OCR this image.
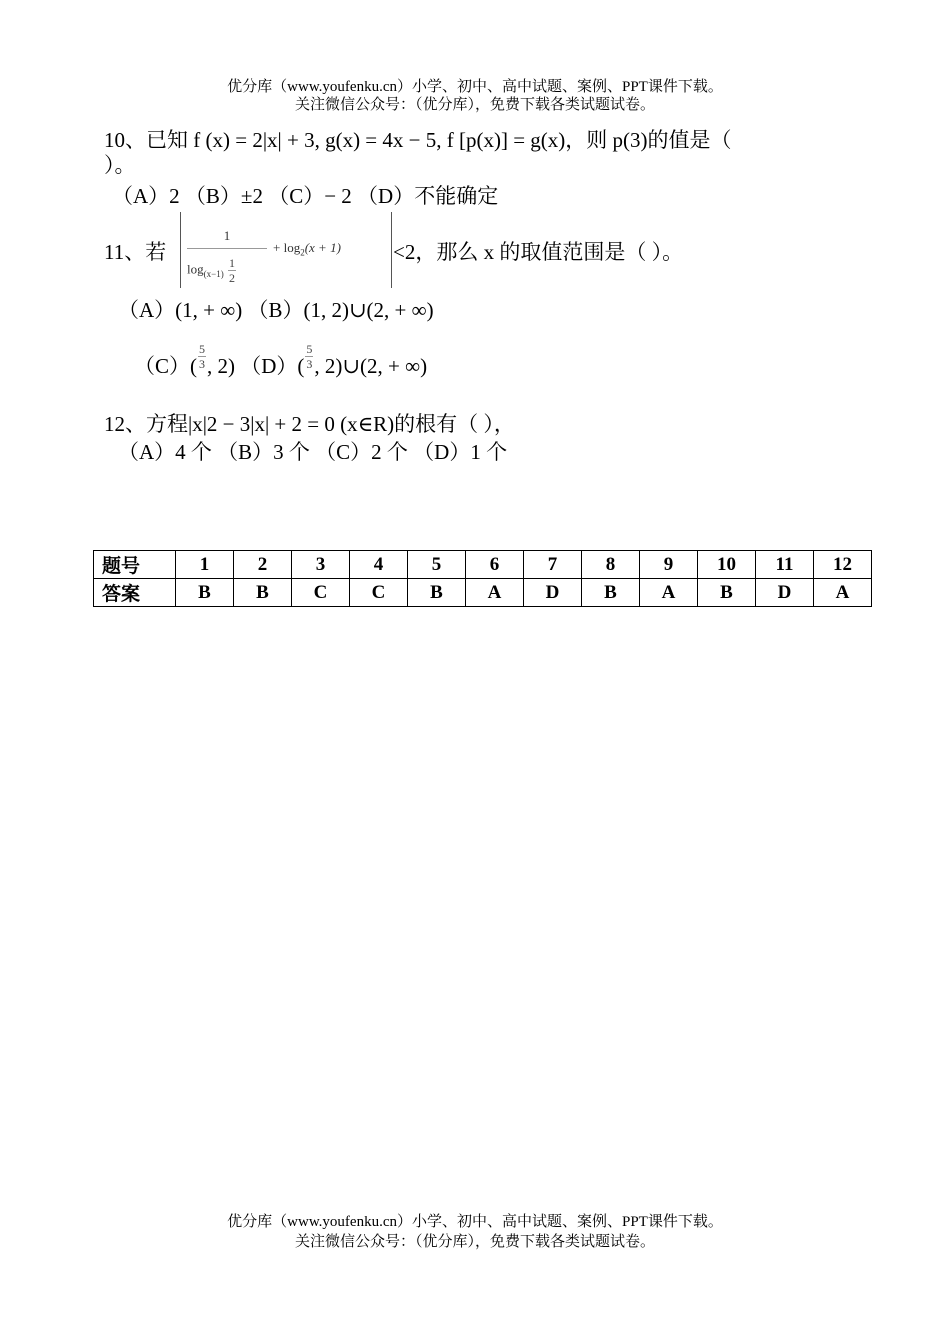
优分库（www.youfenku.cn）小学、初中、高中试题、案例、PPT课件下载。
关注微信公众号：（优分库），免费下载各类试题试卷。
10、已知 f (x) = 2|x| + 3, g(x) = 4x − 5, f [p(x)] = g(x)，则 p(3)的值是（
）。
（A）2 （B）±2 （C）− 2 （D）不能确定
11、若
1
$\log_{(x-1)} \frac{1}{2}$
+ $\log_2(x + 1) <2$，那么 x 的取值范围是（ ）。
（A）(1, + ∞) （B）(1, 2)∪(2, + ∞)
$(C)( \frac{5}{3}$ , 2) $(D)( \frac{5}{3}$ , 2)∪(2, + ∞)
12、方程|x|2 − 3|x| + 2 = 0 (x∈R)的根有（ ），
（A）4 个 （B）3 个 （C）2 个 （D）1 个
题号	1	2	3	4	5	6	7	8	9	10	11	12
答案	B	B	C	C	B	A	D	B	A	B	D	A
优分库（www.youfenku.cn）小学、初中、高中试题、案例、PPT课件下载。
关注微信公众号：（优分库），免费下载各类试题试卷。
